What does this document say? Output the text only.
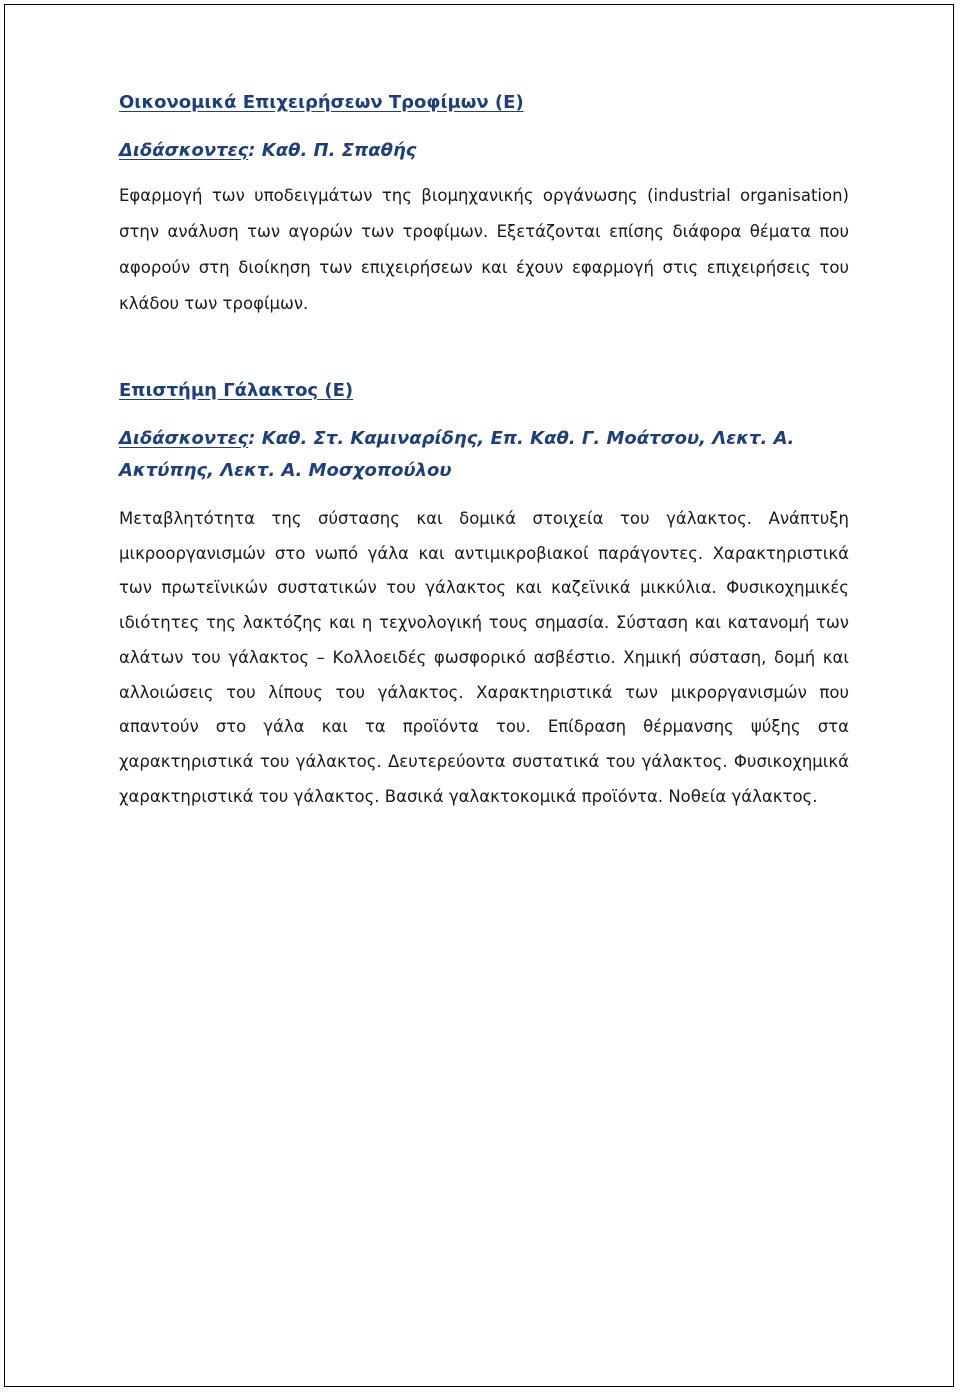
Οικονομικά Επιχειρήσεων Τροφίμων (Ε)

Διδάσκοντες: Καθ. Π. Σπαθής

Εφαρμογή των υποδειγμάτων της βιομηχανικής οργάνωσης (industrial organisation) στην ανάλυση των αγορών των τροφίμων. Εξετάζονται επίσης διάφορα θέματα που αφορούν στη διοίκηση των επιχειρήσεων και έχουν εφαρμογή στις επιχειρήσεις του κλάδου των τροφίμων.

Επιστήμη Γάλακτος (Ε)

Διδάσκοντες: Καθ. Στ. Καμιναρίδης, Επ. Καθ. Γ. Μοάτσου, Λεκτ. Α. Ακτύπης, Λεκτ. Α. Μοσχοπούλου

Μεταβλητότητα της σύστασης και δομικά στοιχεία του γάλακτος. Ανάπτυξη μικροοργανισμών στο νωπό γάλα και αντιμικροβιακοί παράγοντες. Χαρακτηριστικά των πρωτεϊνικών συστατικών του γάλακτος και καζεϊνικά μικκύλια. Φυσικοχημικές ιδιότητες της λακτόζης και η τεχνολογική τους σημασία. Σύσταση και κατανομή των αλάτων του γάλακτος – Κολλοειδές φωσφορικό ασβέστιο. Χημική σύσταση, δομή και αλλοιώσεις του λίπους του γάλακτος. Χαρακτηριστικά των μικροργανισμών που απαντούν στο γάλα και τα προϊόντα του. Επίδραση θέρμανσης ψύξης στα χαρακτηριστικά του γάλακτος. Δευτερεύοντα συστατικά του γάλακτος. Φυσικοχημικά χαρακτηριστικά του γάλακτος. Βασικά γαλακτοκομικά προϊόντα. Νοθεία γάλακτος.
